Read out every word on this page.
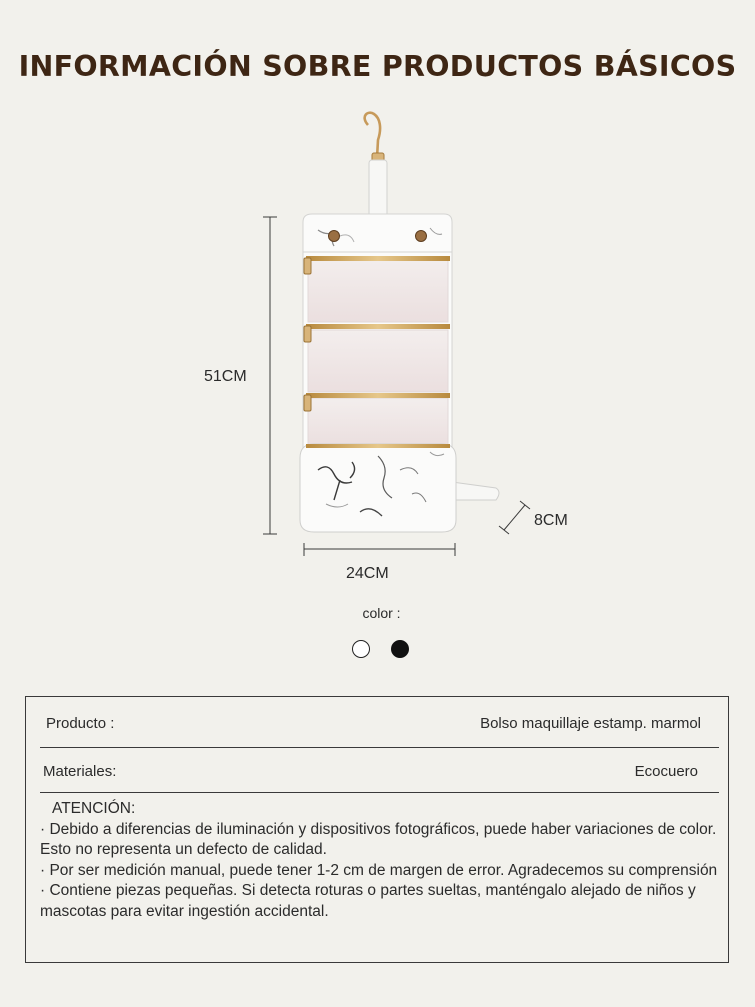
INFORMACIÓN SOBRE PRODUCTOS BÁSICOS
51CM
24CM
8CM
color :
Producto :	Bolso maquillaje estamp. marmol
Materiales:	Ecocuero

ATENCIÓN:

· Debido a diferencias de iluminación y dispositivos fotográficos, puede haber variaciones de color. Esto no representa un defecto de calidad.

· Por ser medición manual, puede tener 1-2 cm de margen de error. Agradecemos su comprensión

· Contiene piezas pequeñas. Si detecta roturas o partes sueltas, manténgalo alejado de niños y mascotas para evitar ingestión accidental.
